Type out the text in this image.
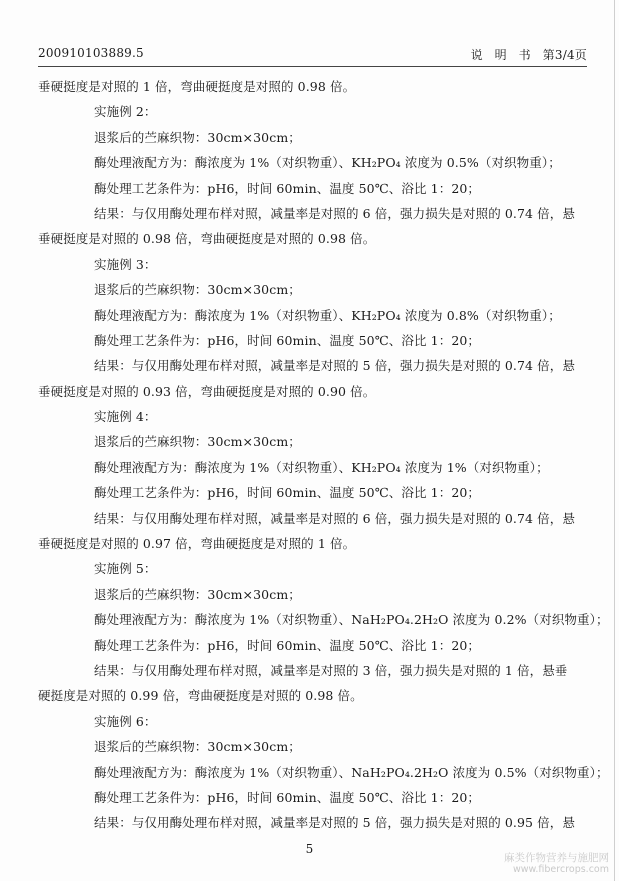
200910103889.5	说 明 书 第3/4页
垂硬挺度是对照的 1 倍，弯曲硬挺度是对照的 0.98 倍。
实施例 2：
退浆后的苎麻织物：30cm×30cm；
酶处理液配方为：酶浓度为 1%（对织物重）、KH₂PO₄ 浓度为 0.5%（对织物重）；
酶处理工艺条件为：pH6，时间 60min、温度 50℃、浴比 1：20；
结果：与仅用酶处理布样对照，减量率是对照的 6 倍，强力损失是对照的 0.74 倍，悬
垂硬挺度是对照的 0.98 倍，弯曲硬挺度是对照的 0.98 倍。
实施例 3：
退浆后的苎麻织物：30cm×30cm；
酶处理液配方为：酶浓度为 1%（对织物重）、KH₂PO₄ 浓度为 0.8%（对织物重）；
酶处理工艺条件为：pH6，时间 60min、温度 50℃、浴比 1：20；
结果：与仅用酶处理布样对照，减量率是对照的 5 倍，强力损失是对照的 0.74 倍，悬
垂硬挺度是对照的 0.93 倍，弯曲硬挺度是对照的 0.90 倍。
实施例 4：
退浆后的苎麻织物：30cm×30cm；
酶处理液配方为：酶浓度为 1%（对织物重）、KH₂PO₄ 浓度为 1%（对织物重）；
酶处理工艺条件为：pH6，时间 60min、温度 50℃、浴比 1：20；
结果：与仅用酶处理布样对照，减量率是对照的 6 倍，强力损失是对照的 0.74 倍，悬
垂硬挺度是对照的 0.97 倍，弯曲硬挺度是对照的 1 倍。
实施例 5：
退浆后的苎麻织物：30cm×30cm；
酶处理液配方为：酶浓度为 1%（对织物重）、NaH₂PO₄.2H₂O 浓度为 0.2%（对织物重）；
酶处理工艺条件为：pH6，时间 60min、温度 50℃、浴比 1：20；
结果：与仅用酶处理布样对照，减量率是对照的 3 倍，强力损失是对照的 1 倍，悬垂
硬挺度是对照的 0.99 倍，弯曲硬挺度是对照的 0.98 倍。
实施例 6：
退浆后的苎麻织物：30cm×30cm；
酶处理液配方为：酶浓度为 1%（对织物重）、NaH₂PO₄.2H₂O 浓度为 0.5%（对织物重）；
酶处理工艺条件为：pH6，时间 60min、温度 50℃、浴比 1：20；
结果：与仅用酶处理布样对照，减量率是对照的 5 倍，强力损失是对照的 0.95 倍，悬
5
麻类作物营养与施肥网
www.fibercrops.com
